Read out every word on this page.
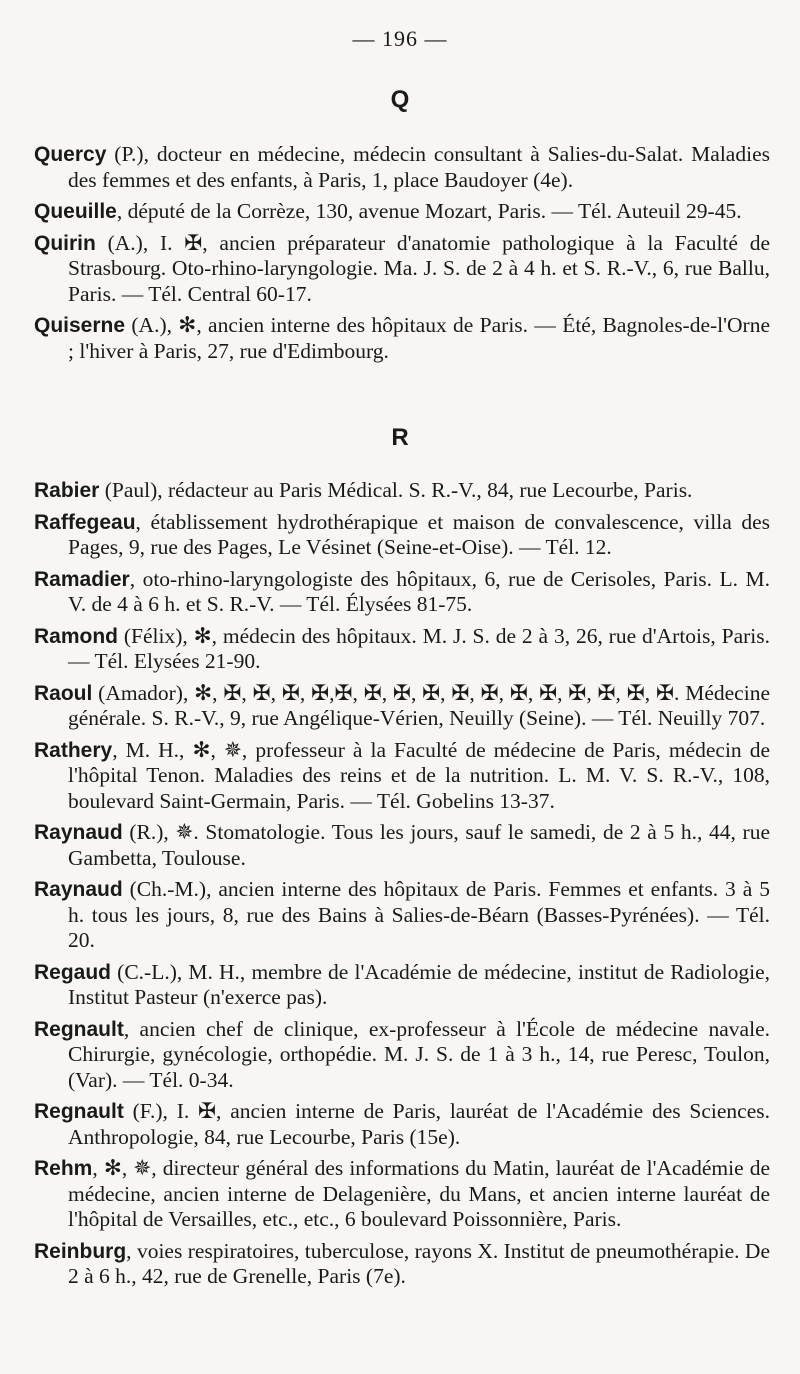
— 196 —
Q

Quercy (P.), docteur en médecine, médecin consultant à Salies-du-Salat. Maladies des femmes et des enfants, à Paris, 1, place Baudoyer (4e).

Queuille, député de la Corrèze, 130, avenue Mozart, Paris. — Tél. Auteuil 29-45.

Quirin (A.), I. ✠, ancien préparateur d'anatomie pathologique à la Faculté de Strasbourg. Oto-rhino-laryngologie. Ma. J. S. de 2 à 4 h. et S. R.-V., 6, rue Ballu, Paris. — Tél. Central 60-17.

Quiserne (A.), ✻, ancien interne des hôpitaux de Paris. — Été, Bagnoles-de-l'Orne ; l'hiver à Paris, 27, rue d'Edimbourg.

R

Rabier (Paul), rédacteur au Paris Médical. S. R.-V., 84, rue Lecourbe, Paris.

Raffegeau, établissement hydrothérapique et maison de convalescence, villa des Pages, 9, rue des Pages, Le Vésinet (Seine-et-Oise). — Tél. 12.

Ramadier, oto-rhino-laryngologiste des hôpitaux, 6, rue de Cerisoles, Paris. L. M. V. de 4 à 6 h. et S. R.-V. — Tél. Élysées 81-75.

Ramond (Félix), ✻, médecin des hôpitaux. M. J. S. de 2 à 3, 26, rue d'Artois, Paris. — Tél. Elysées 21-90.

Raoul (Amador), ✻, ✠, ✠, ✠, ✠,✠, ✠, ✠, ✠, ✠, ✠, ✠, ✠, ✠, ✠, ✠, ✠. Médecine générale. S. R.-V., 9, rue Angélique-Vérien, Neuilly (Seine). — Tél. Neuilly 707.

Rathery, M. H., ✻, ✵, professeur à la Faculté de médecine de Paris, médecin de l'hôpital Tenon. Maladies des reins et de la nutrition. L. M. V. S. R.-V., 108, boulevard Saint-Germain, Paris. — Tél. Gobelins 13-37.

Raynaud (R.), ✵. Stomatologie. Tous les jours, sauf le samedi, de 2 à 5 h., 44, rue Gambetta, Toulouse.

Raynaud (Ch.-M.), ancien interne des hôpitaux de Paris. Femmes et enfants. 3 à 5 h. tous les jours, 8, rue des Bains à Salies-de-Béarn (Basses-Pyrénées). — Tél. 20.

Regaud (C.-L.), M. H., membre de l'Académie de médecine, institut de Radiologie, Institut Pasteur (n'exerce pas).

Regnault, ancien chef de clinique, ex-professeur à l'École de médecine navale. Chirurgie, gynécologie, orthopédie. M. J. S. de 1 à 3 h., 14, rue Peresc, Toulon, (Var). — Tél. 0-34.

Regnault (F.), I. ✠, ancien interne de Paris, lauréat de l'Académie des Sciences. Anthropologie, 84, rue Lecourbe, Paris (15e).

Rehm, ✻, ✵, directeur général des informations du Matin, lauréat de l'Académie de médecine, ancien interne de Delagenière, du Mans, et ancien interne lauréat de l'hôpital de Versailles, etc., etc., 6 boulevard Poissonnière, Paris.

Reinburg, voies respiratoires, tuberculose, rayons X. Institut de pneumothérapie. De 2 à 6 h., 42, rue de Grenelle, Paris (7e).
